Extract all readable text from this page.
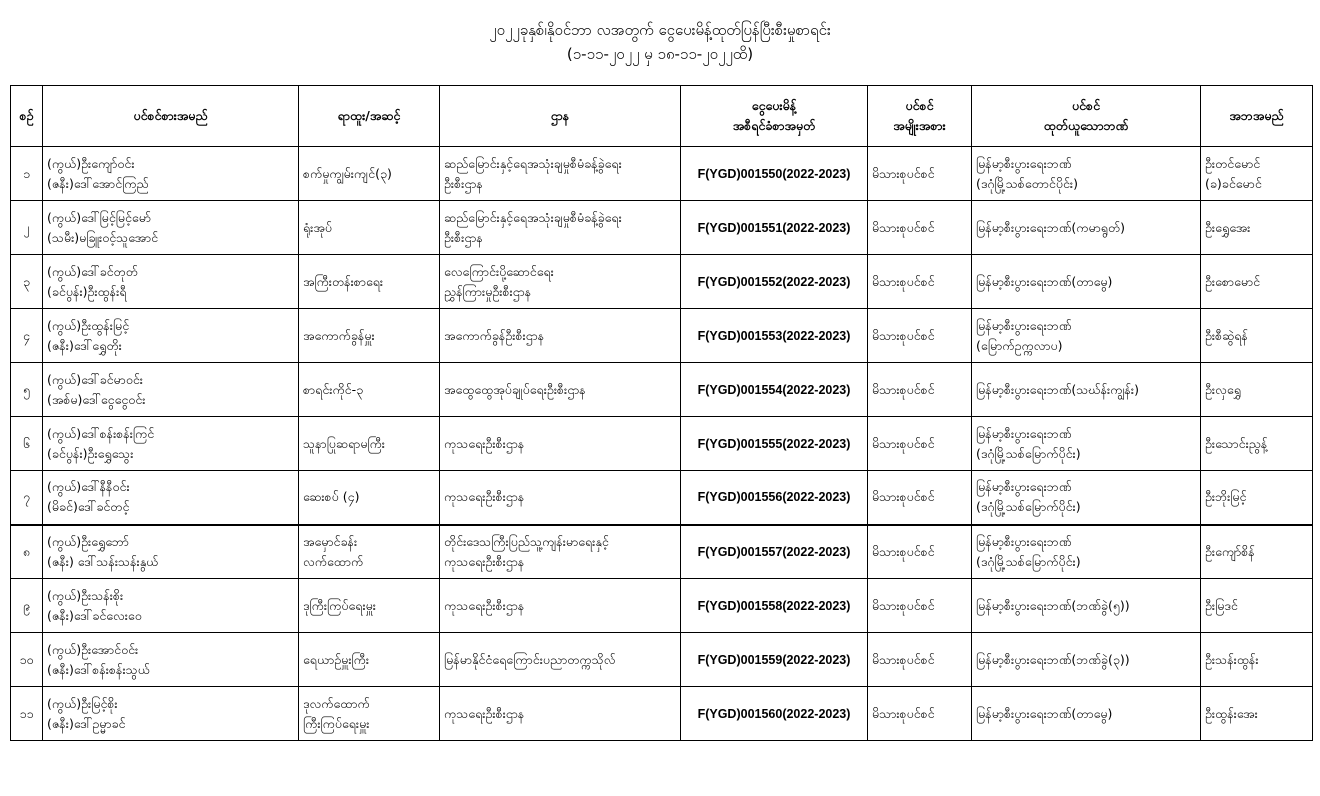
၂၀၂၂ခုနှစ်၊နိုဝင်ဘာ လအတွက် ငွေပေးမိန့်ထုတ်ပြန်ပြီးစီးမှုစာရင်း
(၁-၁၁-၂၀၂၂ မှ ၁၈-၁၁-၂၀၂၂ထိ)
စဉ်	ပင်စင်စားအမည်	ရာထူး/အဆင့်	ဌာန	ငွေပေးမိန့်
အစီရင်ခံစာအမှတ်	ပင်စင်
အမျိုးအစား	ပင်စင်
ထုတ်ယူသောဘဏ်	အဘအမည်
၁	(ကွယ်)ဦးကျော်ဝင်း
(ဇနီး)ဒေါ်အောင်ကြည်	စက်မှုကျွမ်းကျင်(၃)	ဆည်မြောင်းနှင့်ရေအသုံးချမှုစီမံခန့်ခွဲရေး
ဦးစီးဌာန	F(YGD)001550(2022-2023)	မိသားစုပင်စင်	မြန်မာ့စီးပွားရေးဘဏ်
(ဒဂုံမြို့သစ်တောင်ပိုင်း)	ဦးတင်မောင်
(ခ)ခင်မောင်

၂	(ကွယ်)ဒေါ်မြင့်မြင့်မော်
(သမီး)မခြူးဝင့်သူအောင်	ရုံးအုပ်	ဆည်မြောင်းနှင့်ရေအသုံးချမှုစီမံခန့်ခွဲရေး
ဦးစီးဌာန	F(YGD)001551(2022-2023)	မိသားစုပင်စင်	မြန်မာ့စီးပွားရေးဘဏ်(ကမာရွတ်)	ဦးရွှေအေး

၃	(ကွယ်)ဒေါ်ခင်တုတ်
(ခင်ပွန်း)ဦးထွန်းရီ	အကြီးတန်းစာရေး	လေကြောင်းပို့ဆောင်ရေး
ညွှန်ကြားမှုဦးစီးဌာန	F(YGD)001552(2022-2023)	မိသားစုပင်စင်	မြန်မာ့စီးပွားရေးဘဏ်(တာမွေ)	ဦးစောမောင်

၄	(ကွယ်)ဦးထွန်းမြင့်
(ဇနီး)ဒေါ်ရွှေတိုး	အကောက်ခွန်မှူး	အကောက်ခွန်ဦးစီးဌာန	F(YGD)001553(2022-2023)	မိသားစုပင်စင်	မြန်မာ့စီးပွားရေးဘဏ်
(မြောက်ဥက္ကလာပ)	ဦးစီဆွဲရန်

၅	(ကွယ်)ဒေါ်ခင်မာဝင်း
(အစ်မ)ဒေါ်ငွေငွေဝင်း	စာရင်းကိုင်-၃	အထွေထွေအုပ်ချုပ်ရေးဦးစီးဌာန	F(YGD)001554(2022-2023)	မိသားစုပင်စင်	မြန်မာ့စီးပွားရေးဘဏ်(သဃ်န်းကျွန်း)	ဦးလှရွှေ

၆	(ကွယ်)ဒေါ်စန်းစန်းကြင်
(ခင်ပွန်း)ဦးရွှေသွေး	သူနာပြုဆရာမကြီး	ကုသရေးဦးစီးဌာန	F(YGD)001555(2022-2023)	မိသားစုပင်စင်	မြန်မာ့စီးပွားရေးဘဏ်
(ဒဂုံမြို့သစ်မြောက်ပိုင်း)	ဦးသောင်းညွန့်

၇	(ကွယ်)ဒေါ်နီနီဝင်း
(မိခင်)ဒေါ်ခင်တင့်	ဆေးစပ် (၄)	ကုသရေးဦးစီးဌာန	F(YGD)001556(2022-2023)	မိသားစုပင်စင်	မြန်မာ့စီးပွားရေးဘဏ်
(ဒဂုံမြို့သစ်မြောက်ပိုင်း)	ဦးဘိုးမြင့်

၈	(ကွယ်)ဦးရွှေဘော်
(ဇနီး) ဒေါ်သန်းသန်းနွယ်	အမှောင်ခန်း
လက်ထောက်	တိုင်းဒေသကြီးပြည်သူ့ကျန်းမာရေးနှင့်
ကုသရေးဦးစီးဌာန	F(YGD)001557(2022-2023)	မိသားစုပင်စင်	မြန်မာ့စီးပွားရေးဘဏ်
(ဒဂုံမြို့သစ်မြောက်ပိုင်း)	ဦးကျော်စိန်

၉	(ကွယ်)ဦးသန်းစိုး
(ဇနီး)ဒေါ်ခင်လေးဝေ	ဒုကြီးကြပ်ရေးမှူး	ကုသရေးဦးစီးဌာန	F(YGD)001558(2022-2023)	မိသားစုပင်စင်	မြန်မာ့စီးပွားရေးဘဏ်(ဘဏ်ခွဲ(၅))	ဦးမြဒင်

၁၀	(ကွယ်)ဦးအောင်ဝင်း
(ဇနီး)ဒေါ်စန်းစန်းသွယ်	ရေယာဉ်မှူးကြီး	မြန်မာနိုင်ငံရေကြောင်းပညာတက္ကသိုလ်	F(YGD)001559(2022-2023)	မိသားစုပင်စင်	မြန်မာ့စီးပွားရေးဘဏ်(ဘဏ်ခွဲ(၃))	ဦးသန်းထွန်း

၁၁	(ကွယ်)ဦးမြင့်စိုး
(ဇနီး)ဒေါ်ဥမ္မာခင်	ဒုလက်ထောက်
ကြီးကြပ်ရေးမှူး	ကုသရေးဦးစီးဌာန	F(YGD)001560(2022-2023)	မိသားစုပင်စင်	မြန်မာ့စီးပွားရေးဘဏ်(တာမွေ)	ဦးထွန်းအေး
